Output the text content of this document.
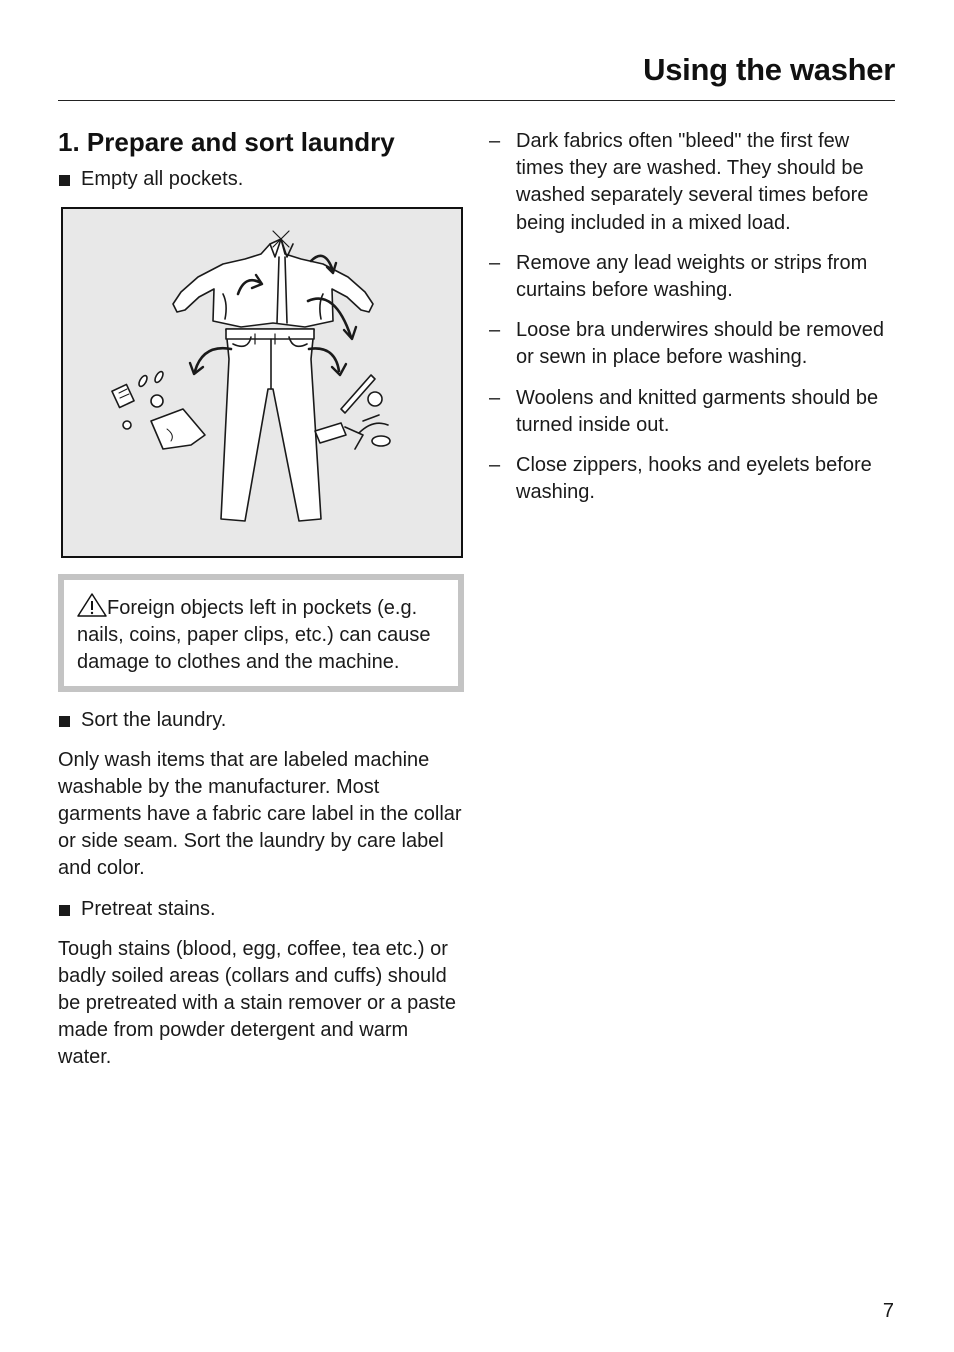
Using the washer
1. Prepare and sort laundry
Empty all pockets.

Foreign objects left in pockets (e.g. nails, coins, paper clips, etc.) can cause damage to clothes and the machine.

Sort the laundry.

Only wash items that are labeled machine washable by the manufacturer. Most garments have a fabric care label in the collar or side seam. Sort the laundry by care label and color.

Pretreat stains.

Tough stains (blood, egg, coffee, tea etc.) or badly soiled areas (collars and cuffs) should be pretreated with a stain remover or a paste made from powder detergent and warm water.

– Dark fabrics often "bleed" the first few times they are washed. They should be washed separately several times before being included in a mixed load.
– Remove any lead weights or strips from curtains before washing.
– Loose bra underwires should be removed or sewn in place before washing.
– Woolens and knitted garments should be turned inside out.
– Close zippers, hooks and eyelets before washing.
7
